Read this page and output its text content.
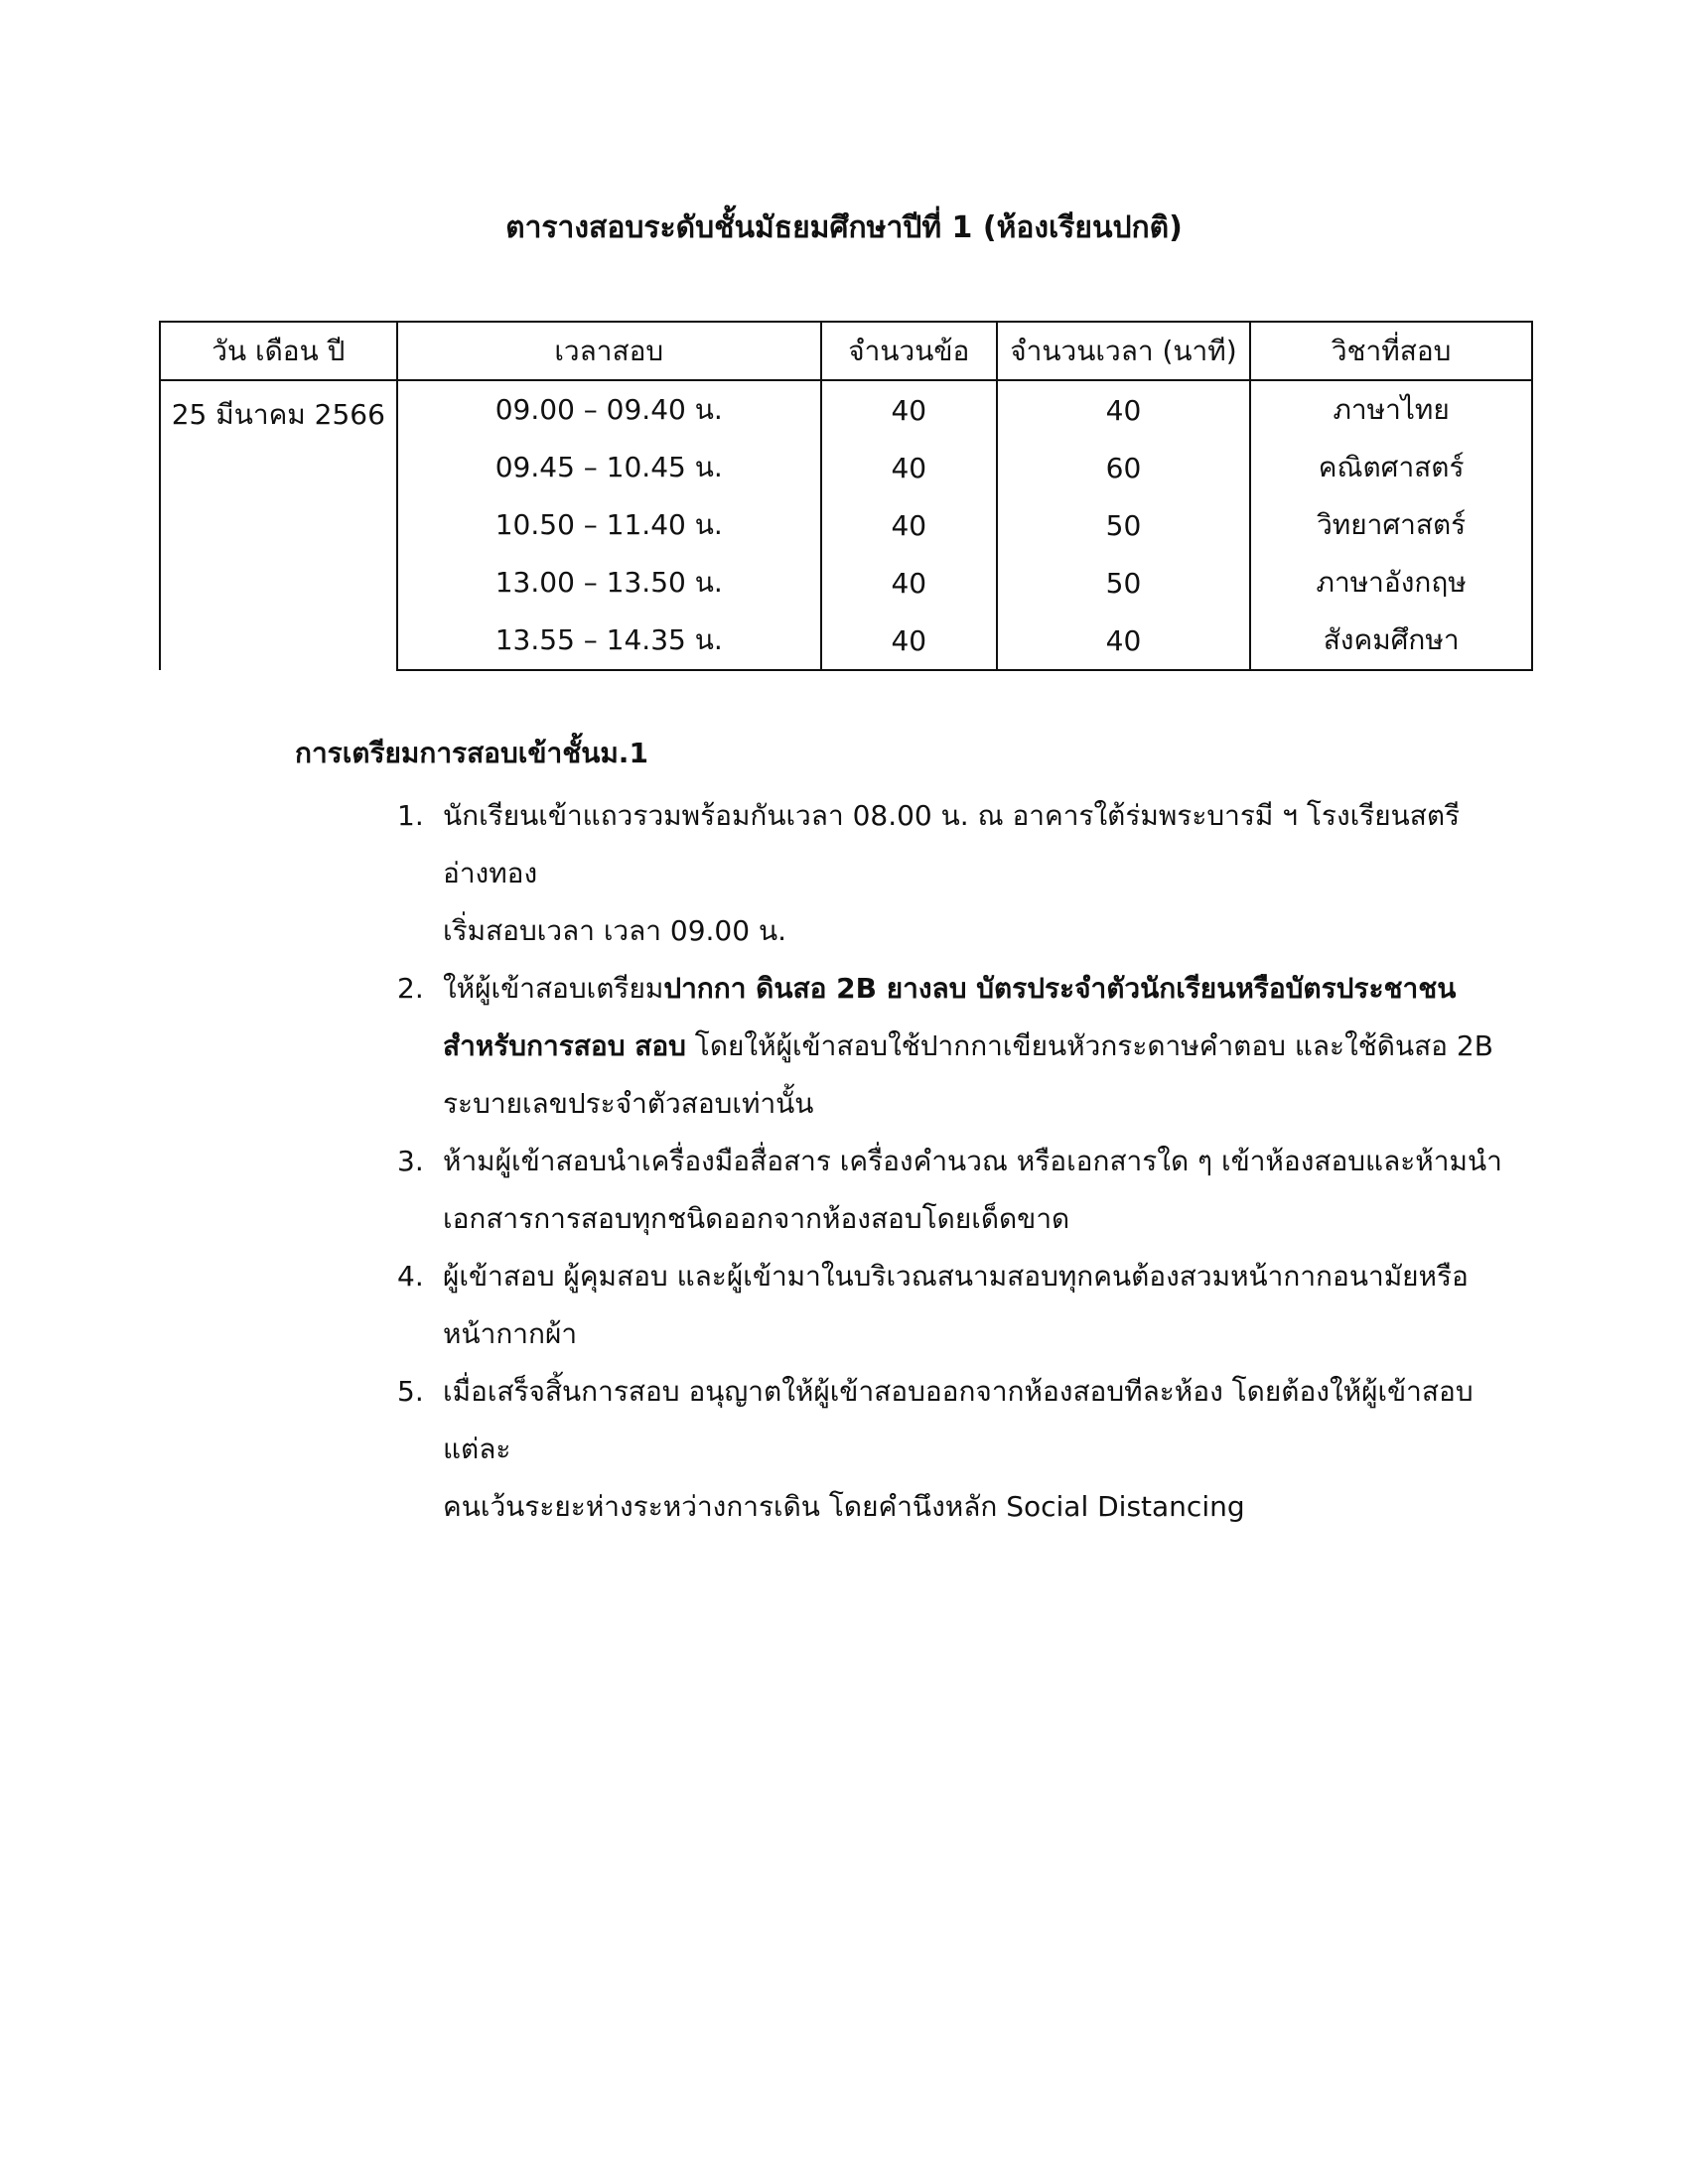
ตารางสอบระดับชั้นมัธยมศึกษาปีที่ 1 (ห้องเรียนปกติ)
วัน เดือน ปี	เวลาสอบ	จำนวนข้อ	จำนวนเวลา (นาที)	วิชาที่สอบ
25 มีนาคม 2566	09.00 – 09.40 น.	40	40	ภาษาไทย
	09.45 – 10.45 น.	40	60	คณิตศาสตร์
	10.50 – 11.40 น.	40	50	วิทยาศาสตร์
	13.00 – 13.50 น.	40	50	ภาษาอังกฤษ
	13.55 – 14.35 น.	40	40	สังคมศึกษา
การเตรียมการสอบเข้าชั้นม.1
1. นักเรียนเข้าแถวรวมพร้อมกันเวลา 08.00 น. ณ อาคารใต้ร่มพระบารมี ฯ โรงเรียนสตรีอ่างทอง
เริ่มสอบเวลา เวลา 09.00 น.
2. ให้ผู้เข้าสอบเตรียมปากกา ดินสอ 2B ยางลบ บัตรประจำตัวนักเรียนหรือบัตรประชาชน
สำหรับการสอบ สอบ โดยให้ผู้เข้าสอบใช้ปากกาเขียนหัวกระดาษคำตอบ และใช้ดินสอ 2B
ระบายเลขประจำตัวสอบเท่านั้น
3. ห้ามผู้เข้าสอบนำเครื่องมือสื่อสาร เครื่องคำนวณ หรือเอกสารใด ๆ เข้าห้องสอบและห้ามนำ
เอกสารการสอบทุกชนิดออกจากห้องสอบโดยเด็ดขาด
4. ผู้เข้าสอบ ผู้คุมสอบ และผู้เข้ามาในบริเวณสนามสอบทุกคนต้องสวมหน้ากากอนามัยหรือ
หน้ากากผ้า
5. เมื่อเสร็จสิ้นการสอบ อนุญาตให้ผู้เข้าสอบออกจากห้องสอบทีละห้อง โดยต้องให้ผู้เข้าสอบแต่ละ
คนเว้นระยะห่างระหว่างการเดิน โดยคำนึงหลัก Social Distancing
